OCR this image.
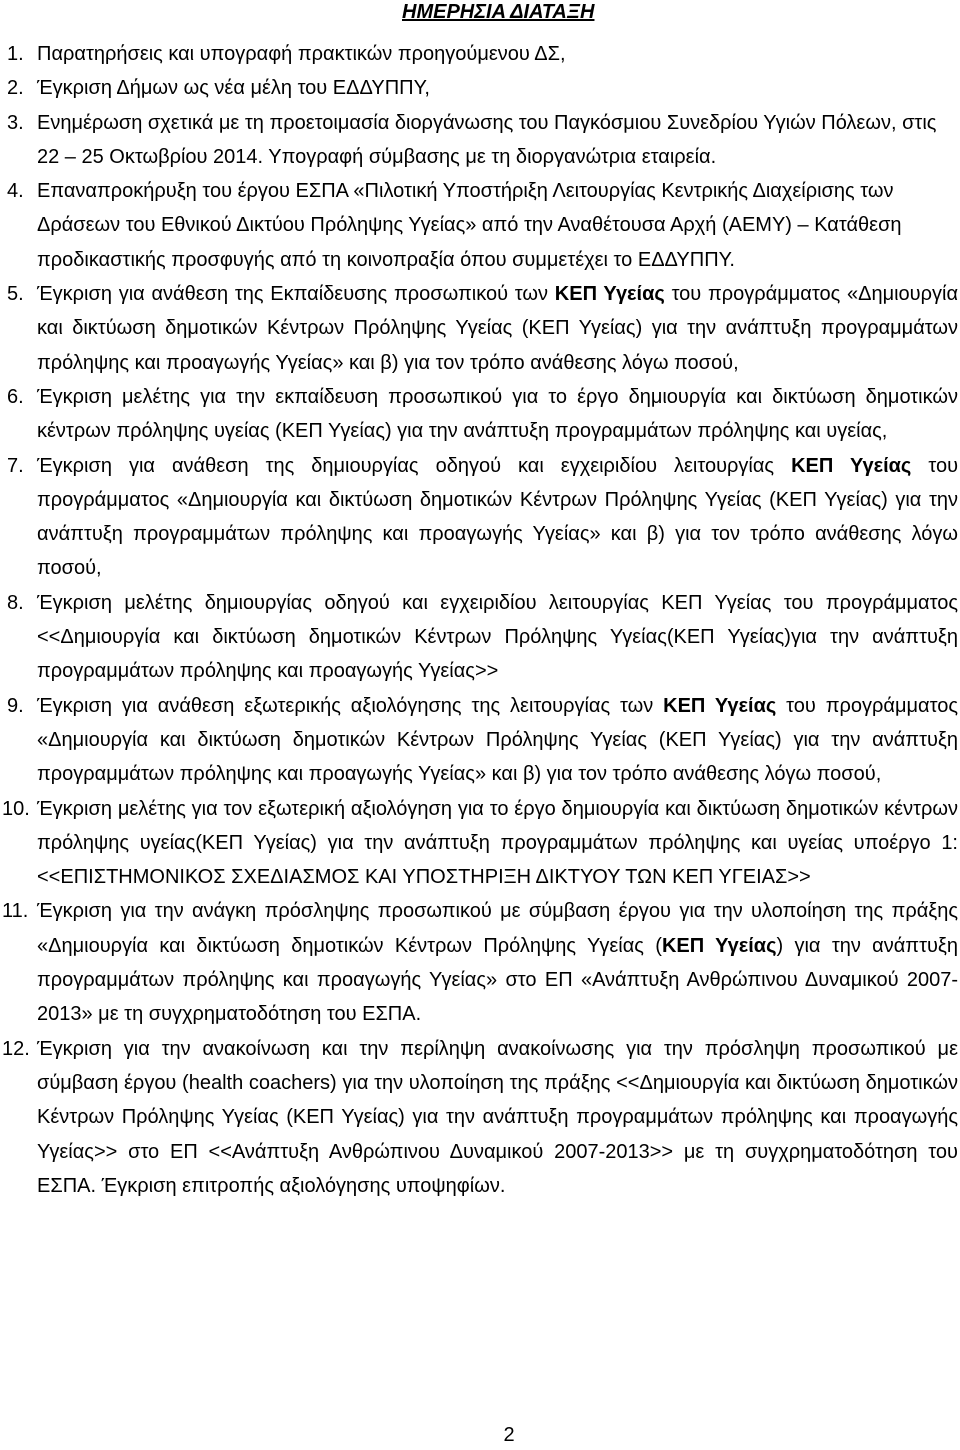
ΗΜΕΡΗΣΙΑ ΔΙΑΤΑΞΗ
1. Παρατηρήσεις και υπογραφή πρακτικών προηγούμενου ΔΣ,
2. Έγκριση Δήμων ως νέα μέλη του ΕΔΔΥΠΠΥ,
3. Ενημέρωση σχετικά με τη προετοιμασία διοργάνωσης του Παγκόσμιου Συνεδρίου Υγιών Πόλεων, στις 22 – 25 Οκτωβρίου 2014. Υπογραφή σύμβασης με τη διοργανώτρια εταιρεία.
4. Επαναπροκήρυξη του έργου ΕΣΠΑ «Πιλοτική Υποστήριξη Λειτουργίας Κεντρικής Διαχείρισης των Δράσεων του Εθνικού Δικτύου Πρόληψης Υγείας» από την Αναθέτουσα Αρχή (ΑΕΜΥ) – Κατάθεση προδικαστικής προσφυγής από τη κοινοπραξία όπου συμμετέχει το ΕΔΔΥΠΠΥ.
5. Έγκριση για ανάθεση της Εκπαίδευσης προσωπικού των ΚΕΠ Υγείας του προγράμματος «Δημιουργία και δικτύωση δημοτικών Κέντρων Πρόληψης Υγείας (ΚΕΠ Υγείας) για την ανάπτυξη προγραμμάτων πρόληψης και προαγωγής Υγείας» και β) για τον τρόπο ανάθεσης λόγω ποσού,
6. Έγκριση μελέτης για την εκπαίδευση προσωπικού για το έργο δημιουργία και δικτύωση δημοτικών κέντρων πρόληψης υγείας (ΚΕΠ Υγείας) για την ανάπτυξη προγραμμάτων πρόληψης και υγείας,
7. Έγκριση για ανάθεση της δημιουργίας οδηγού και εγχειριδίου λειτουργίας ΚΕΠ Υγείας του προγράμματος «Δημιουργία και δικτύωση δημοτικών Κέντρων Πρόληψης Υγείας (ΚΕΠ Υγείας) για την ανάπτυξη προγραμμάτων πρόληψης και προαγωγής Υγείας» και β) για τον τρόπο ανάθεσης λόγω ποσού,
8. Έγκριση μελέτης δημιουργίας οδηγού και εγχειριδίου λειτουργίας ΚΕΠ Υγείας του προγράμματος <<Δημιουργία και δικτύωση δημοτικών Κέντρων Πρόληψης Υγείας(ΚΕΠ Υγείας)για την ανάπτυξη προγραμμάτων πρόληψης και προαγωγής Υγείας>>
9. Έγκριση για ανάθεση εξωτερικής αξιολόγησης της λειτουργίας των ΚΕΠ Υγείας του προγράμματος «Δημιουργία και δικτύωση δημοτικών Κέντρων Πρόληψης Υγείας (ΚΕΠ Υγείας) για την ανάπτυξη προγραμμάτων πρόληψης και προαγωγής Υγείας» και β) για τον τρόπο ανάθεσης λόγω ποσού,
10. Έγκριση μελέτης για τον εξωτερική αξιολόγηση για το έργο δημιουργία και δικτύωση δημοτικών κέντρων πρόληψης υγείας(ΚΕΠ Υγείας) για την ανάπτυξη προγραμμάτων πρόληψης και υγείας υποέργο 1:<<ΕΠΙΣΤΗΜΟΝΙΚΟΣ ΣΧΕΔΙΑΣΜΟΣ ΚΑΙ ΥΠΟΣΤΗΡΙΞΗ ΔΙΚΤΥΟΥ ΤΩΝ ΚΕΠ ΥΓΕΙΑΣ>>
11. Έγκριση για την ανάγκη πρόσληψης προσωπικού με σύμβαση έργου για την υλοποίηση της πράξης «Δημιουργία και δικτύωση δημοτικών Κέντρων Πρόληψης Υγείας (ΚΕΠ Υγείας) για την ανάπτυξη προγραμμάτων πρόληψης και προαγωγής Υγείας» στο ΕΠ «Ανάπτυξη Ανθρώπινου Δυναμικού 2007-2013» με τη συγχρηματοδότηση του ΕΣΠΑ.
12. Έγκριση για την ανακοίνωση και την περίληψη ανακοίνωσης για την πρόσληψη προσωπικού με σύμβαση έργου (health coachers) για την υλοποίηση της πράξης <<Δημιουργία και δικτύωση δημοτικών Κέντρων Πρόληψης Υγείας (ΚΕΠ Υγείας) για την ανάπτυξη προγραμμάτων πρόληψης και προαγωγής Υγείας>> στο ΕΠ <<Ανάπτυξη Ανθρώπινου Δυναμικού 2007-2013>> με τη συγχρηματοδότηση του ΕΣΠΑ. Έγκριση επιτροπής αξιολόγησης υποψηφίων.
2
